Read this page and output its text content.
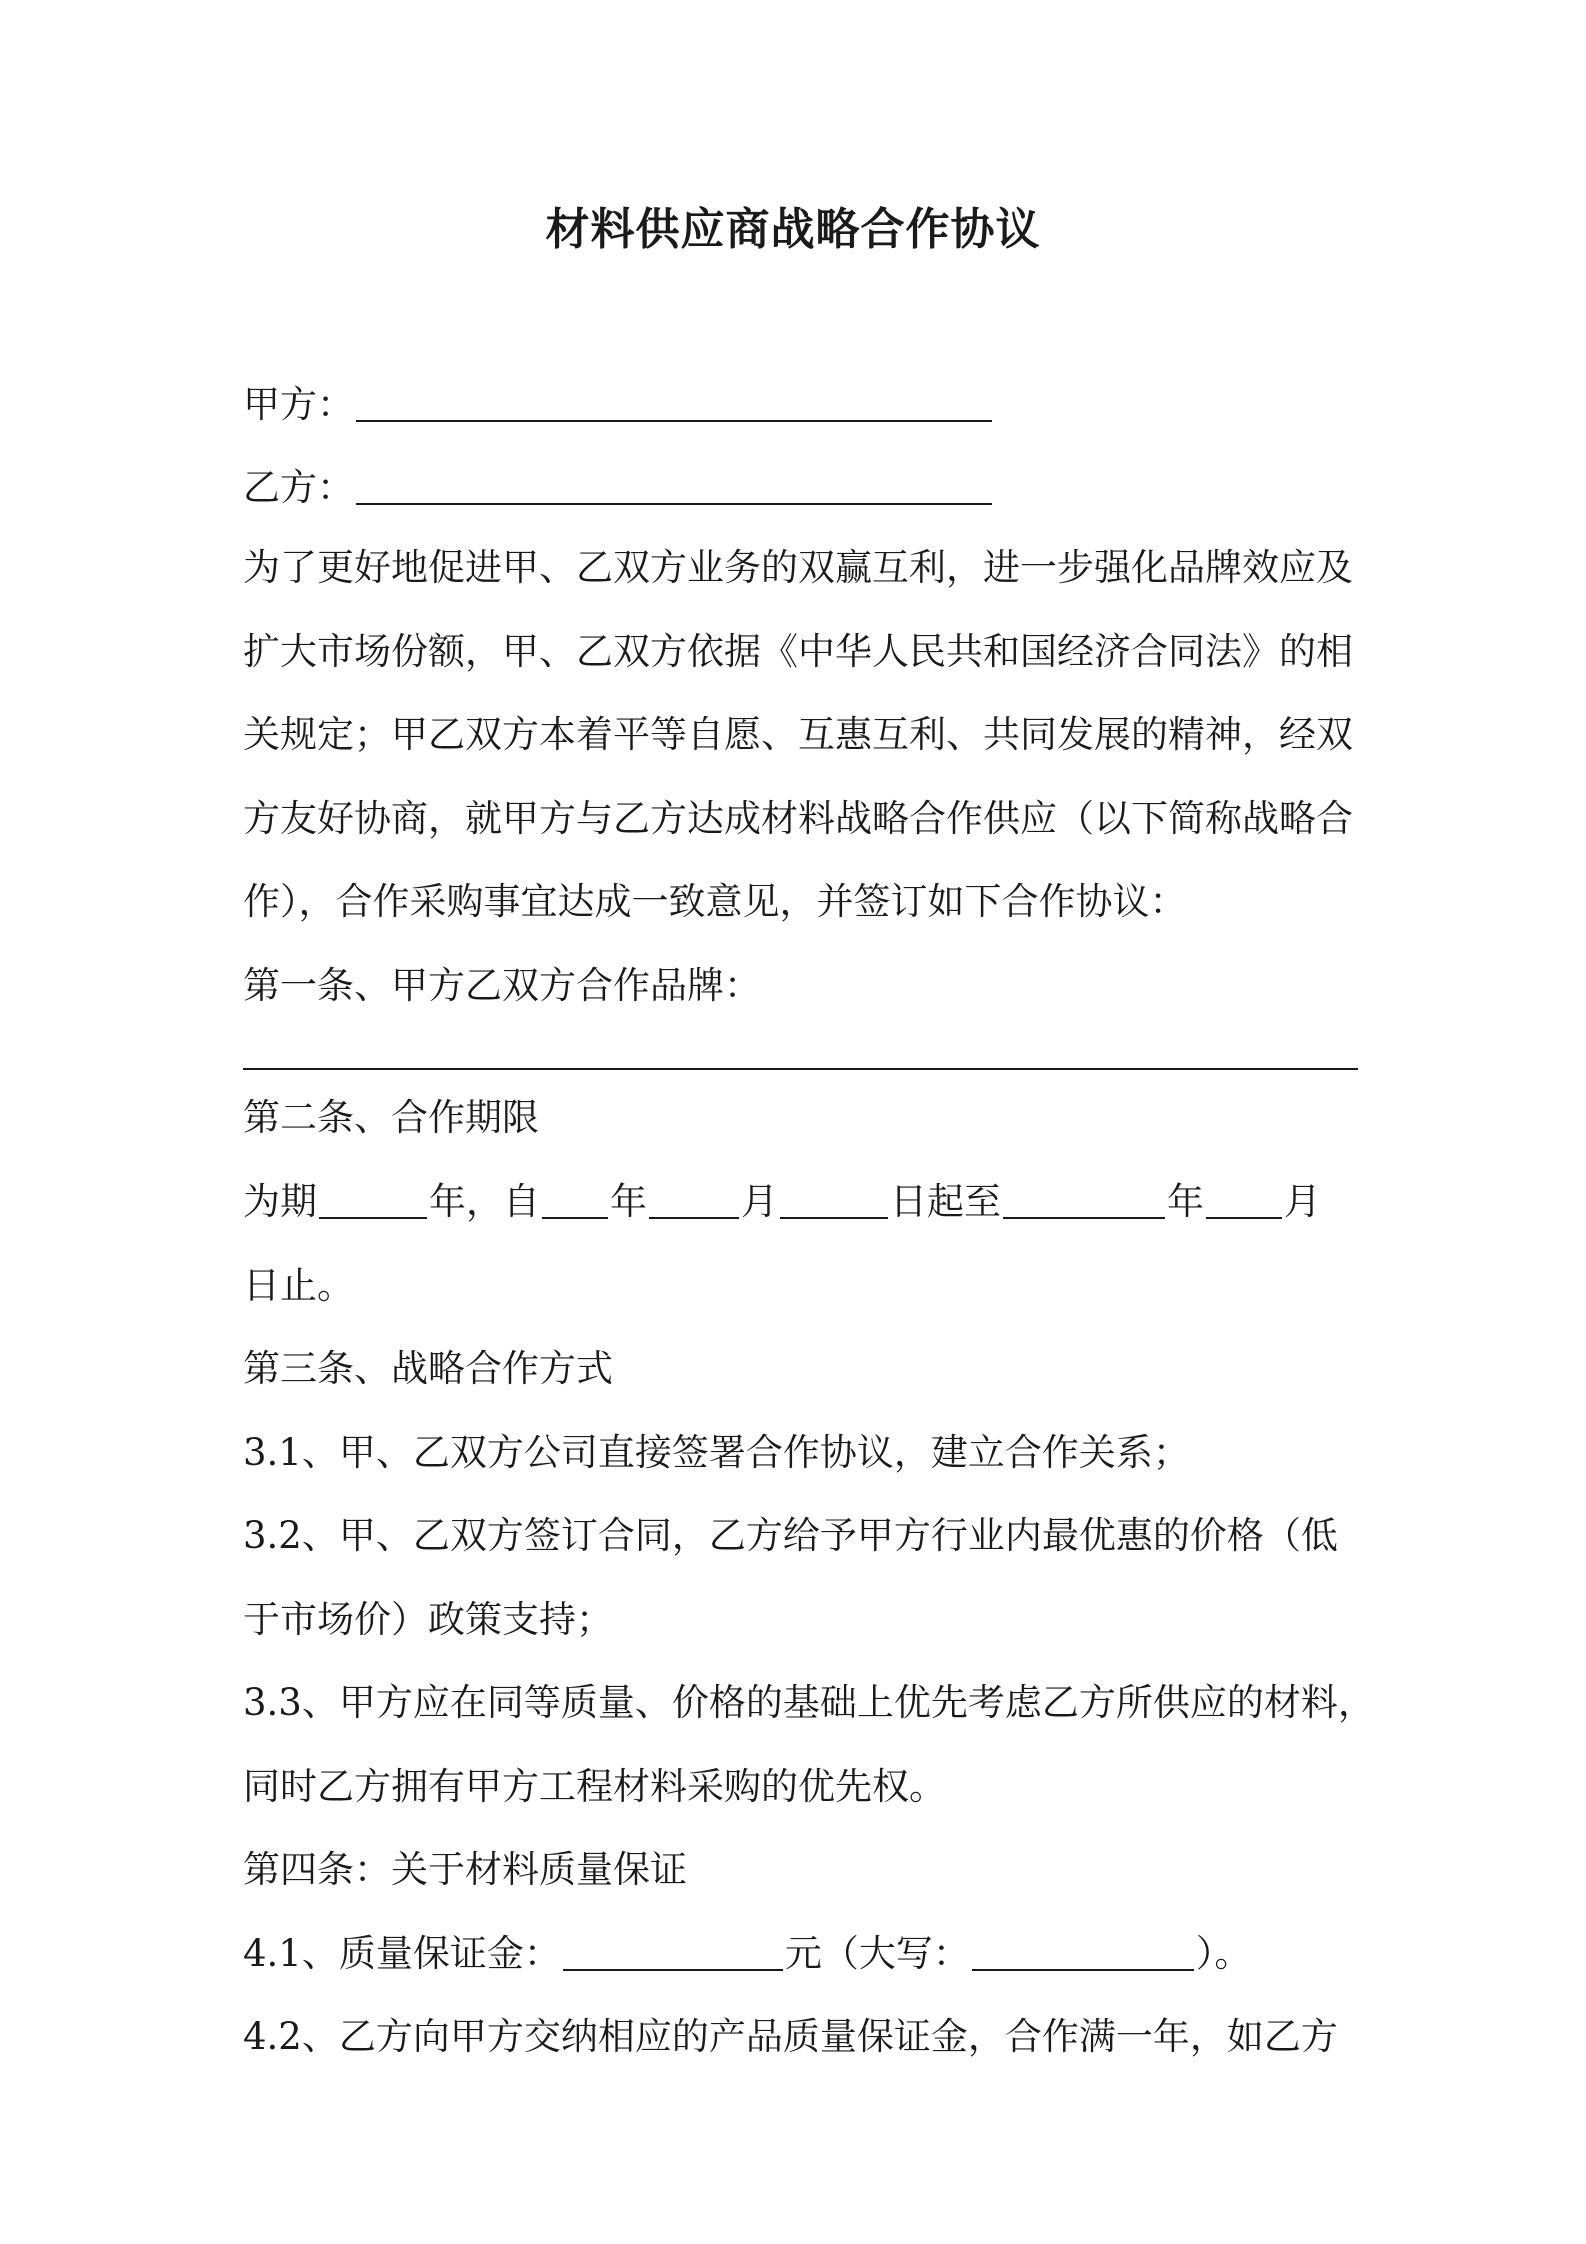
材料供应商战略合作协议
甲方：
乙方：
为了更好地促进甲、乙双方业务的双赢互利，进一步强化品牌效应及
扩大市场份额，甲、乙双方依据《中华人民共和国经济合同法》的相
关规定；甲乙双方本着平等自愿、互惠互利、共同发展的精神，经双
方友好协商，就甲方与乙方达成材料战略合作供应（以下简称战略合
作），合作采购事宜达成一致意见，并签订如下合作协议：
第一条、甲方乙双方合作品牌：
第二条、合作期限
为期	年，自 年	月	日起至	年 月
日止。
第三条、战略合作方式
3.1、甲、乙双方公司直接签署合作协议，建立合作关系；
3.2、甲、乙双方签订合同，乙方给予甲方行业内最优惠的价格（低
于市场价）政策支持；
3.3、甲方应在同等质量、价格的基础上优先考虑乙方所供应的材料，
同时乙方拥有甲方工程材料采购的优先权。
第四条：关于材料质量保证
4.1、质量保证金：	元（大写：	）。
4.2、乙方向甲方交纳相应的产品质量保证金，合作满一年，如乙方
